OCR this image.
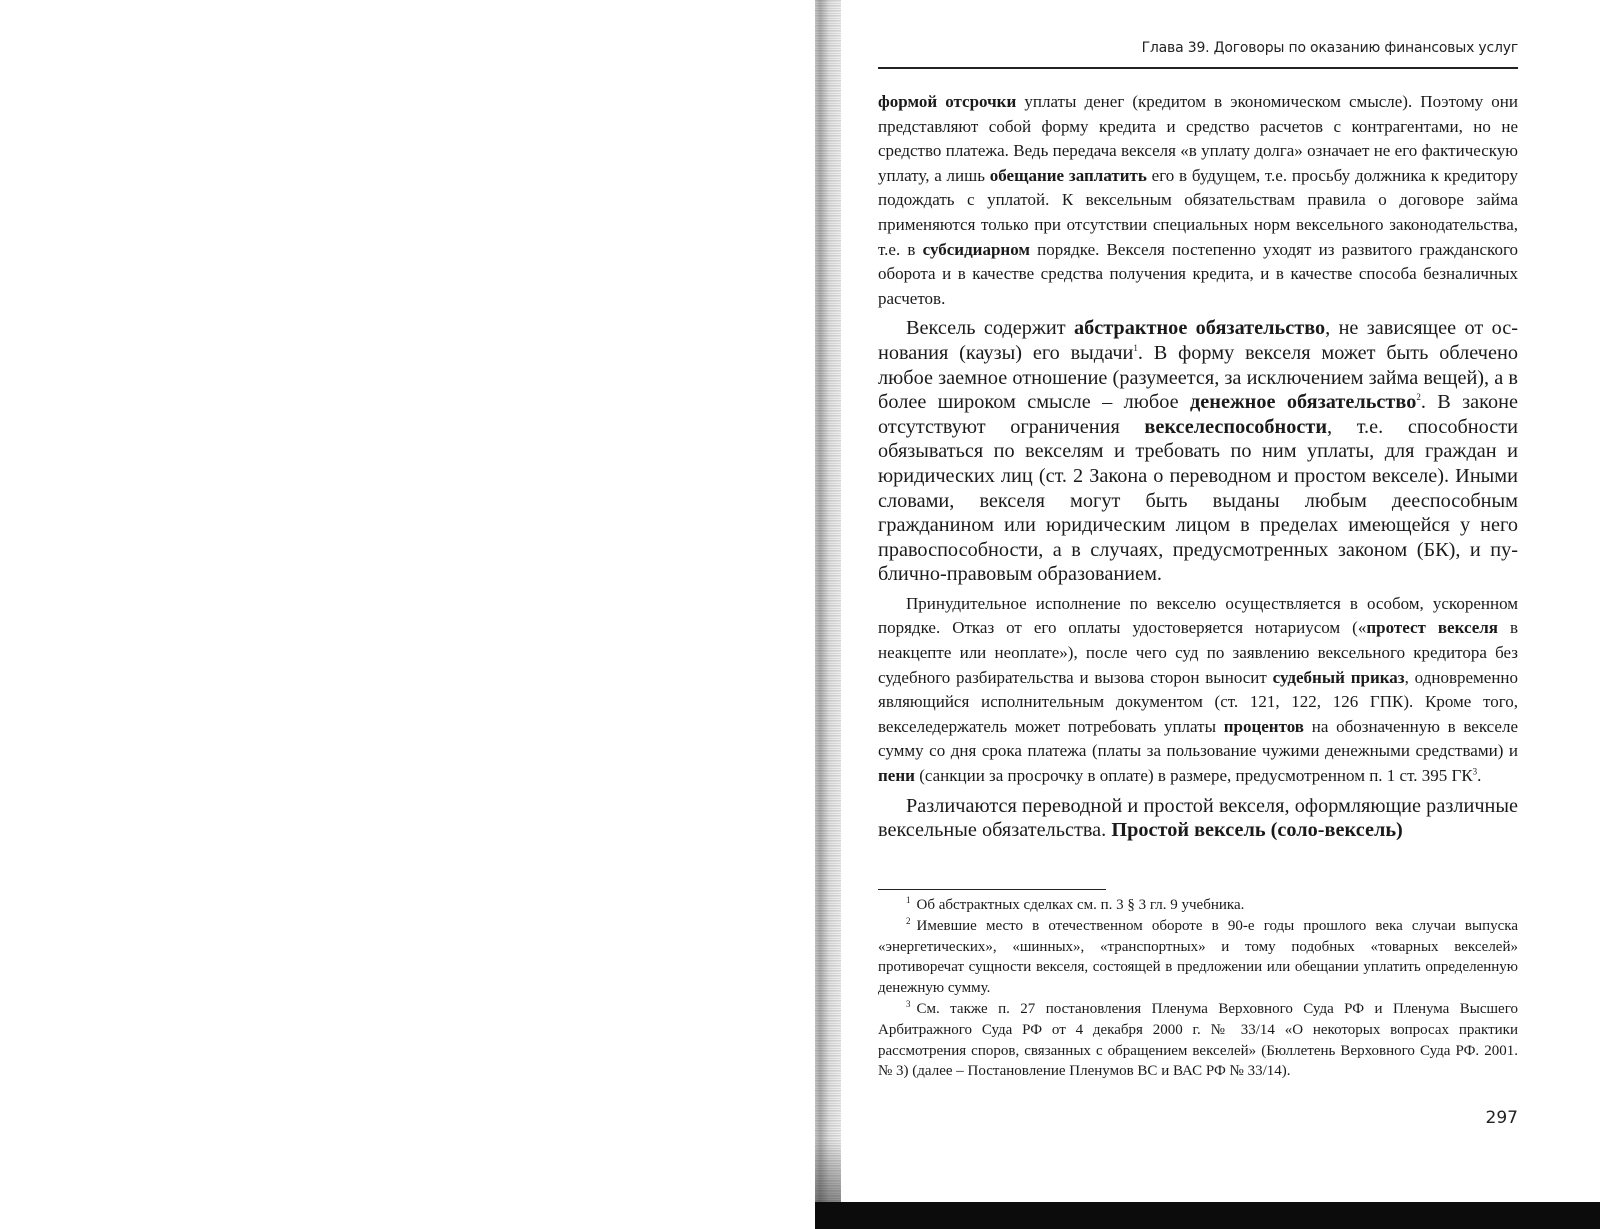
Глава 39. Договоры по оказанию финансовых услуг

формой отсрочки уплаты денег (кредитом в экономическом смысле). Поэтому они представляют собой форму кредита и средство расчетов с контрагентами, но не средство платежа. Ведь передача векселя «в уплату долга» означает не его фактическую уплату, а лишь обещание заплатить его в будущем, т.е. просьбу должника к кредитору подождать с уплатой. К вексельным обязательствам правила о договоре займа применяются только при отсутствии специальных норм вексельного законодательства, т.е. в субсидиарном порядке. Векселя постепенно уходят из развитого гражданского оборота и в качестве средства получения кредита, и в качестве способа безналичных расчетов.

Вексель содержит абстрактное обязательство, не зависящее от основания (каузы) его выдачи$^1$. В форму векселя может быть облечено любое заемное отношение (разумеется, за исключением займа вещей), а в более широком смысле – любое денежное обязательство$^2$. В законе отсутствуют ограничения векселеспособности, т.е. способности обязываться по векселям и требовать по ним уплаты, для граждан и юридических лиц (ст. 2 Закона о переводном и простом векселе). Иными словами, векселя могут быть выданы любым дееспособным гражданином или юридическим лицом в пределах имеющейся у него правоспособности, а в случаях, предусмотренных законом (БК), и публично-правовым образованием.

Принудительное исполнение по векселю осуществляется в особом, ускоренном порядке. Отказ от его оплаты удостоверяется нотариусом («протест векселя в неакцепте или неоплате»), после чего суд по заявлению вексельного кредитора без судебного разбирательства и вызова сторон выносит судебный приказ, одновременно являющийся исполнительным документом (ст. 121, 122, 126 ГПК). Кроме того, векселедержатель может потребовать уплаты процентов на обозначенную в векселе сумму со дня срока платежа (платы за пользование чужими денежными средствами) и пени (санкции за просрочку в оплате) в размере, предусмотренном п. 1 ст. 395 $ГК^3$.

Различаются переводной и простой векселя, оформляющие различные вексельные обязательства. Простой вексель (соло-вексель)

$^1$ Об абстрактных сделках см. п. 3 § 3 гл. 9 учебника.

$^2$ Имевшие место в отечественном обороте в 90-е годы прошлого века случаи выпуска «энергетических», «шинных», «транспортных» и тому подобных «товарных векселей» противоречат сущности векселя, состоящей в предложении или обещании уплатить определенную денежную сумму.

$^3$ См. также п. 27 постановления Пленума Верховного Суда РФ и Пленума Высшего Арбитражного Суда РФ от 4 декабря 2000 г. № 33/14 «О некоторых вопросах практики рассмотрения споров, связанных с обращением векселей» (Бюллетень Верховного Суда РФ. 2001. № 3) (далее – Постановление Пленумов ВС и ВАС РФ № 33/14).

297
